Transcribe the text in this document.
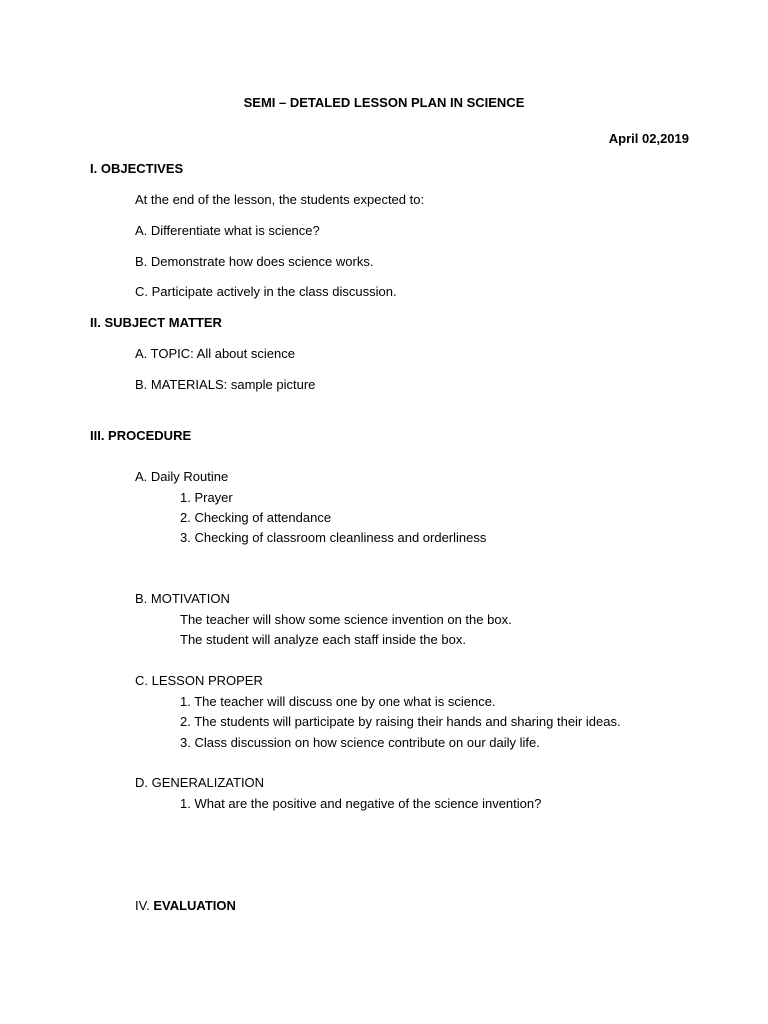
SEMI – DETALED LESSON PLAN IN SCIENCE
April 02,2019
I. OBJECTIVES
At the end of the lesson, the students expected to:
A. Differentiate what is science?
B. Demonstrate how does science works.
C. Participate actively in the class discussion.
II. SUBJECT MATTER
A. TOPIC: All about science
B. MATERIALS: sample picture
III. PROCEDURE
A. Daily Routine
1. Prayer
2. Checking of attendance
3. Checking of classroom cleanliness and orderliness
B. MOTIVATION
The teacher will show some science invention on the box.
The student will analyze each staff inside the box.
C. LESSON PROPER
1. The teacher will discuss one by one what is science.
2. The students will participate by raising their hands and sharing their ideas.
3. Class discussion on how science contribute on our daily life.
D. GENERALIZATION
1. What are the positive and negative of the science invention?
IV. EVALUATION
